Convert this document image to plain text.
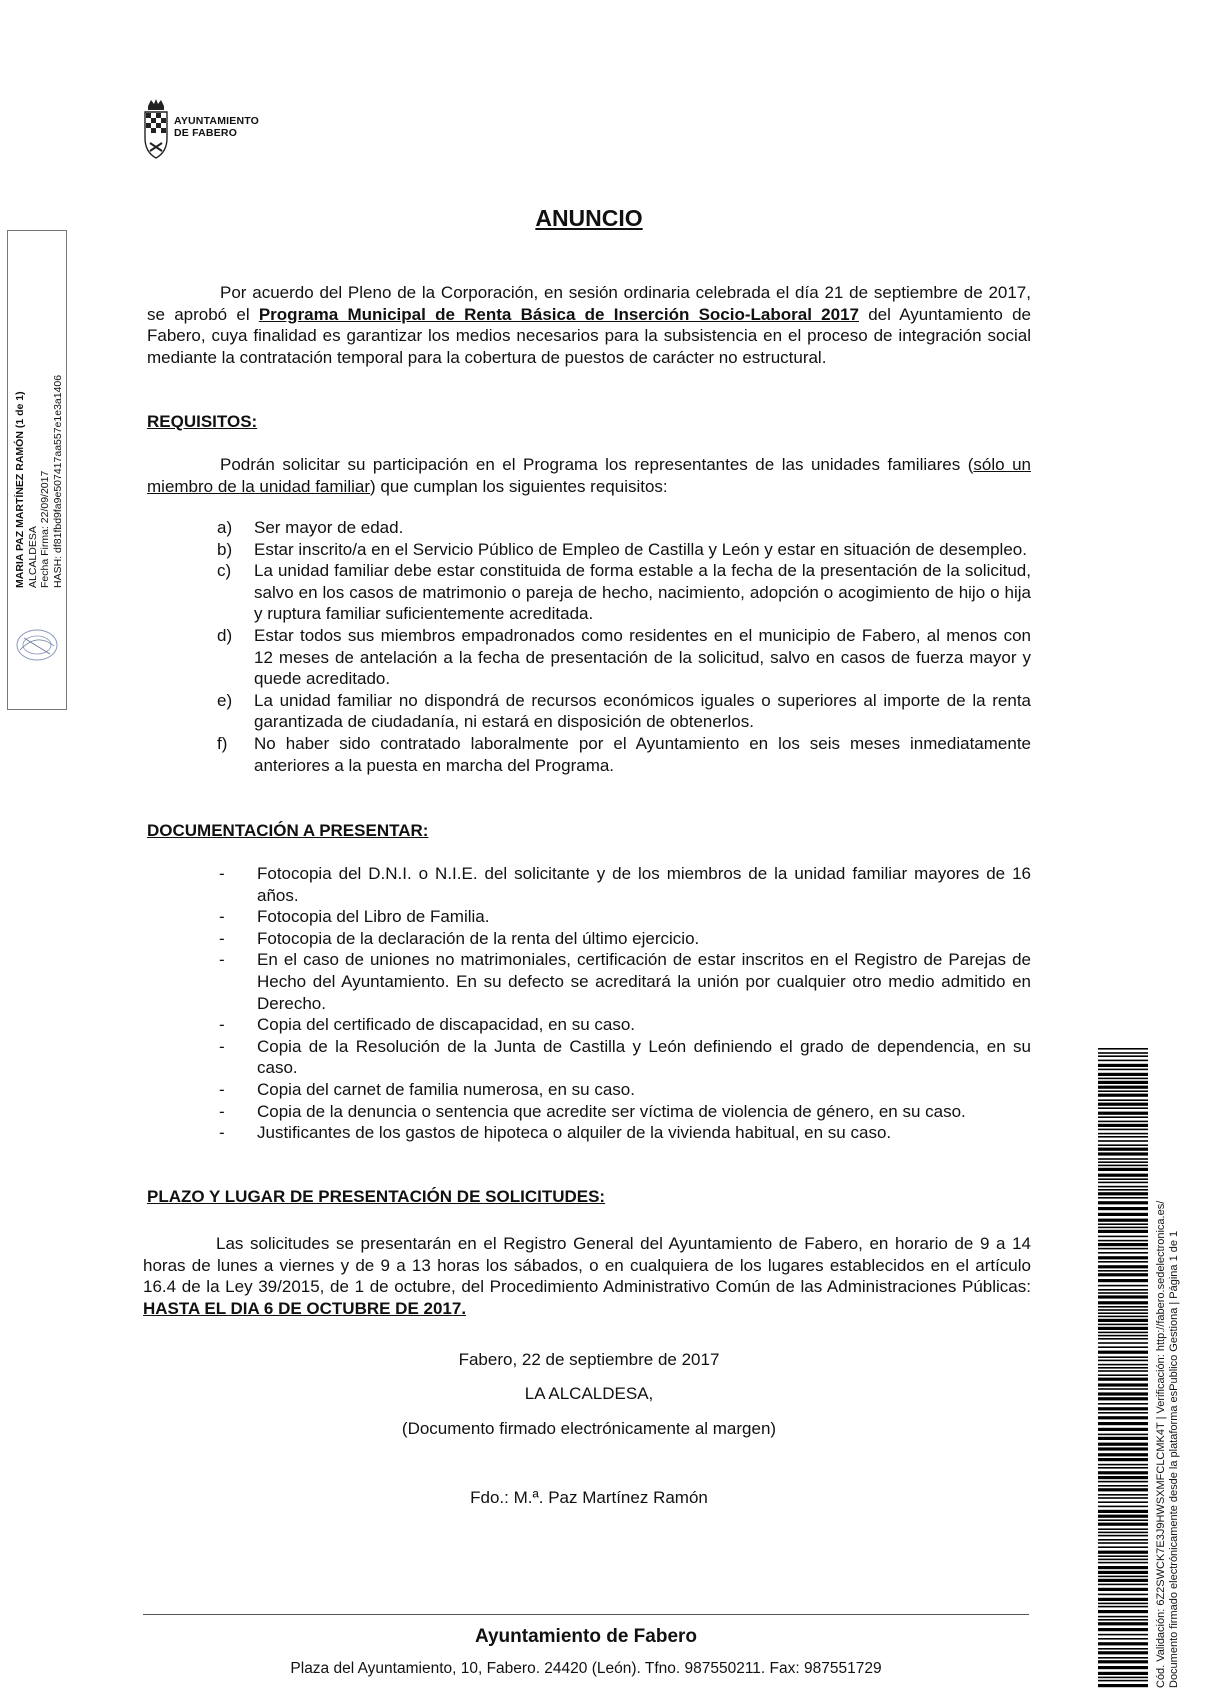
AYUNTAMIENTO
DE FABERO
MARIA PAZ MARTÍNEZ RAMÓN (1 de 1) ALCALDESA Fecha Firma: 22/09/2017 HASH: df81fbd9fa9e507417aa557e1e3a1406
ANUNCIO

Por acuerdo del Pleno de la Corporación, en sesión ordinaria celebrada el día 21 de septiembre de 2017, se aprobó el Programa Municipal de Renta Básica de Inserción Socio-Laboral 2017 del Ayuntamiento de Fabero, cuya finalidad es garantizar los medios necesarios para la subsistencia en el proceso de integración social mediante la contratación temporal para la cobertura de puestos de carácter no estructural.

REQUISITOS:

Podrán solicitar su participación en el Programa los representantes de las unidades familiares (sólo un miembro de la unidad familiar) que cumplan los siguientes requisitos:

a)	Ser mayor de edad.
b)	Estar inscrito/a en el Servicio Público de Empleo de Castilla y León y estar en situación de desempleo.
c)	La unidad familiar debe estar constituida de forma estable a la fecha de la presentación de la solicitud, salvo en los casos de matrimonio o pareja de hecho, nacimiento, adopción o acogimiento de hijo o hija y ruptura familiar suficientemente acreditada.
d)	Estar todos sus miembros empadronados como residentes en el municipio de Fabero, al menos con 12 meses de antelación a la fecha de presentación de la solicitud, salvo en casos de fuerza mayor y quede acreditado.
e)	La unidad familiar no dispondrá de recursos económicos iguales o superiores al importe de la renta garantizada de ciudadanía, ni estará en disposición de obtenerlos.
f)	No haber sido contratado laboralmente por el Ayuntamiento en los seis meses inmediatamente anteriores a la puesta en marcha del Programa.
DOCUMENTACIÓN A PRESENTAR:
-	Fotocopia del D.N.I. o N.I.E. del solicitante y de los miembros de la unidad familiar mayores de 16 años.
-	Fotocopia del Libro de Familia.
-	Fotocopia de la declaración de la renta del último ejercicio.
-	En el caso de uniones no matrimoniales, certificación de estar inscritos en el Registro de Parejas de Hecho del Ayuntamiento. En su defecto se acreditará la unión por cualquier otro medio admitido en Derecho.
-	Copia del certificado de discapacidad, en su caso.
-	Copia de la Resolución de la Junta de Castilla y León definiendo el grado de dependencia, en su caso.
-	Copia del carnet de familia numerosa, en su caso.
-	Copia de la denuncia o sentencia que acredite ser víctima de violencia de género, en su caso.
-	Justificantes de los gastos de hipoteca o alquiler de la vivienda habitual, en su caso.
PLAZO Y LUGAR DE PRESENTACIÓN DE SOLICITUDES:

Las solicitudes se presentarán en el Registro General del Ayuntamiento de Fabero, en horario de 9 a 14 horas de lunes a viernes y de 9 a 13 horas los sábados, o en cualquiera de los lugares establecidos en el artículo 16.4 de la Ley 39/2015, de 1 de octubre, del Procedimiento Administrativo Común de las Administraciones Públicas: HASTA EL DIA 6 DE OCTUBRE DE 2017.

Fabero, 22 de septiembre de 2017

LA ALCALDESA,

(Documento firmado electrónicamente al margen)

Fdo.: M.ª. Paz Martínez Ramón

Ayuntamiento de Fabero
Plaza del Ayuntamiento, 10, Fabero. 24420 (León). Tfno. 987550211. Fax: 987551729	Cód. Validación: 6Z2SWCK7E3J9HWSXMFCLCMK4T | Verificación: http://fabero.sedelectronica.es/ Documento firmado electrónicamente desde la plataforma esPublico Gestiona | Página 1 de 1
